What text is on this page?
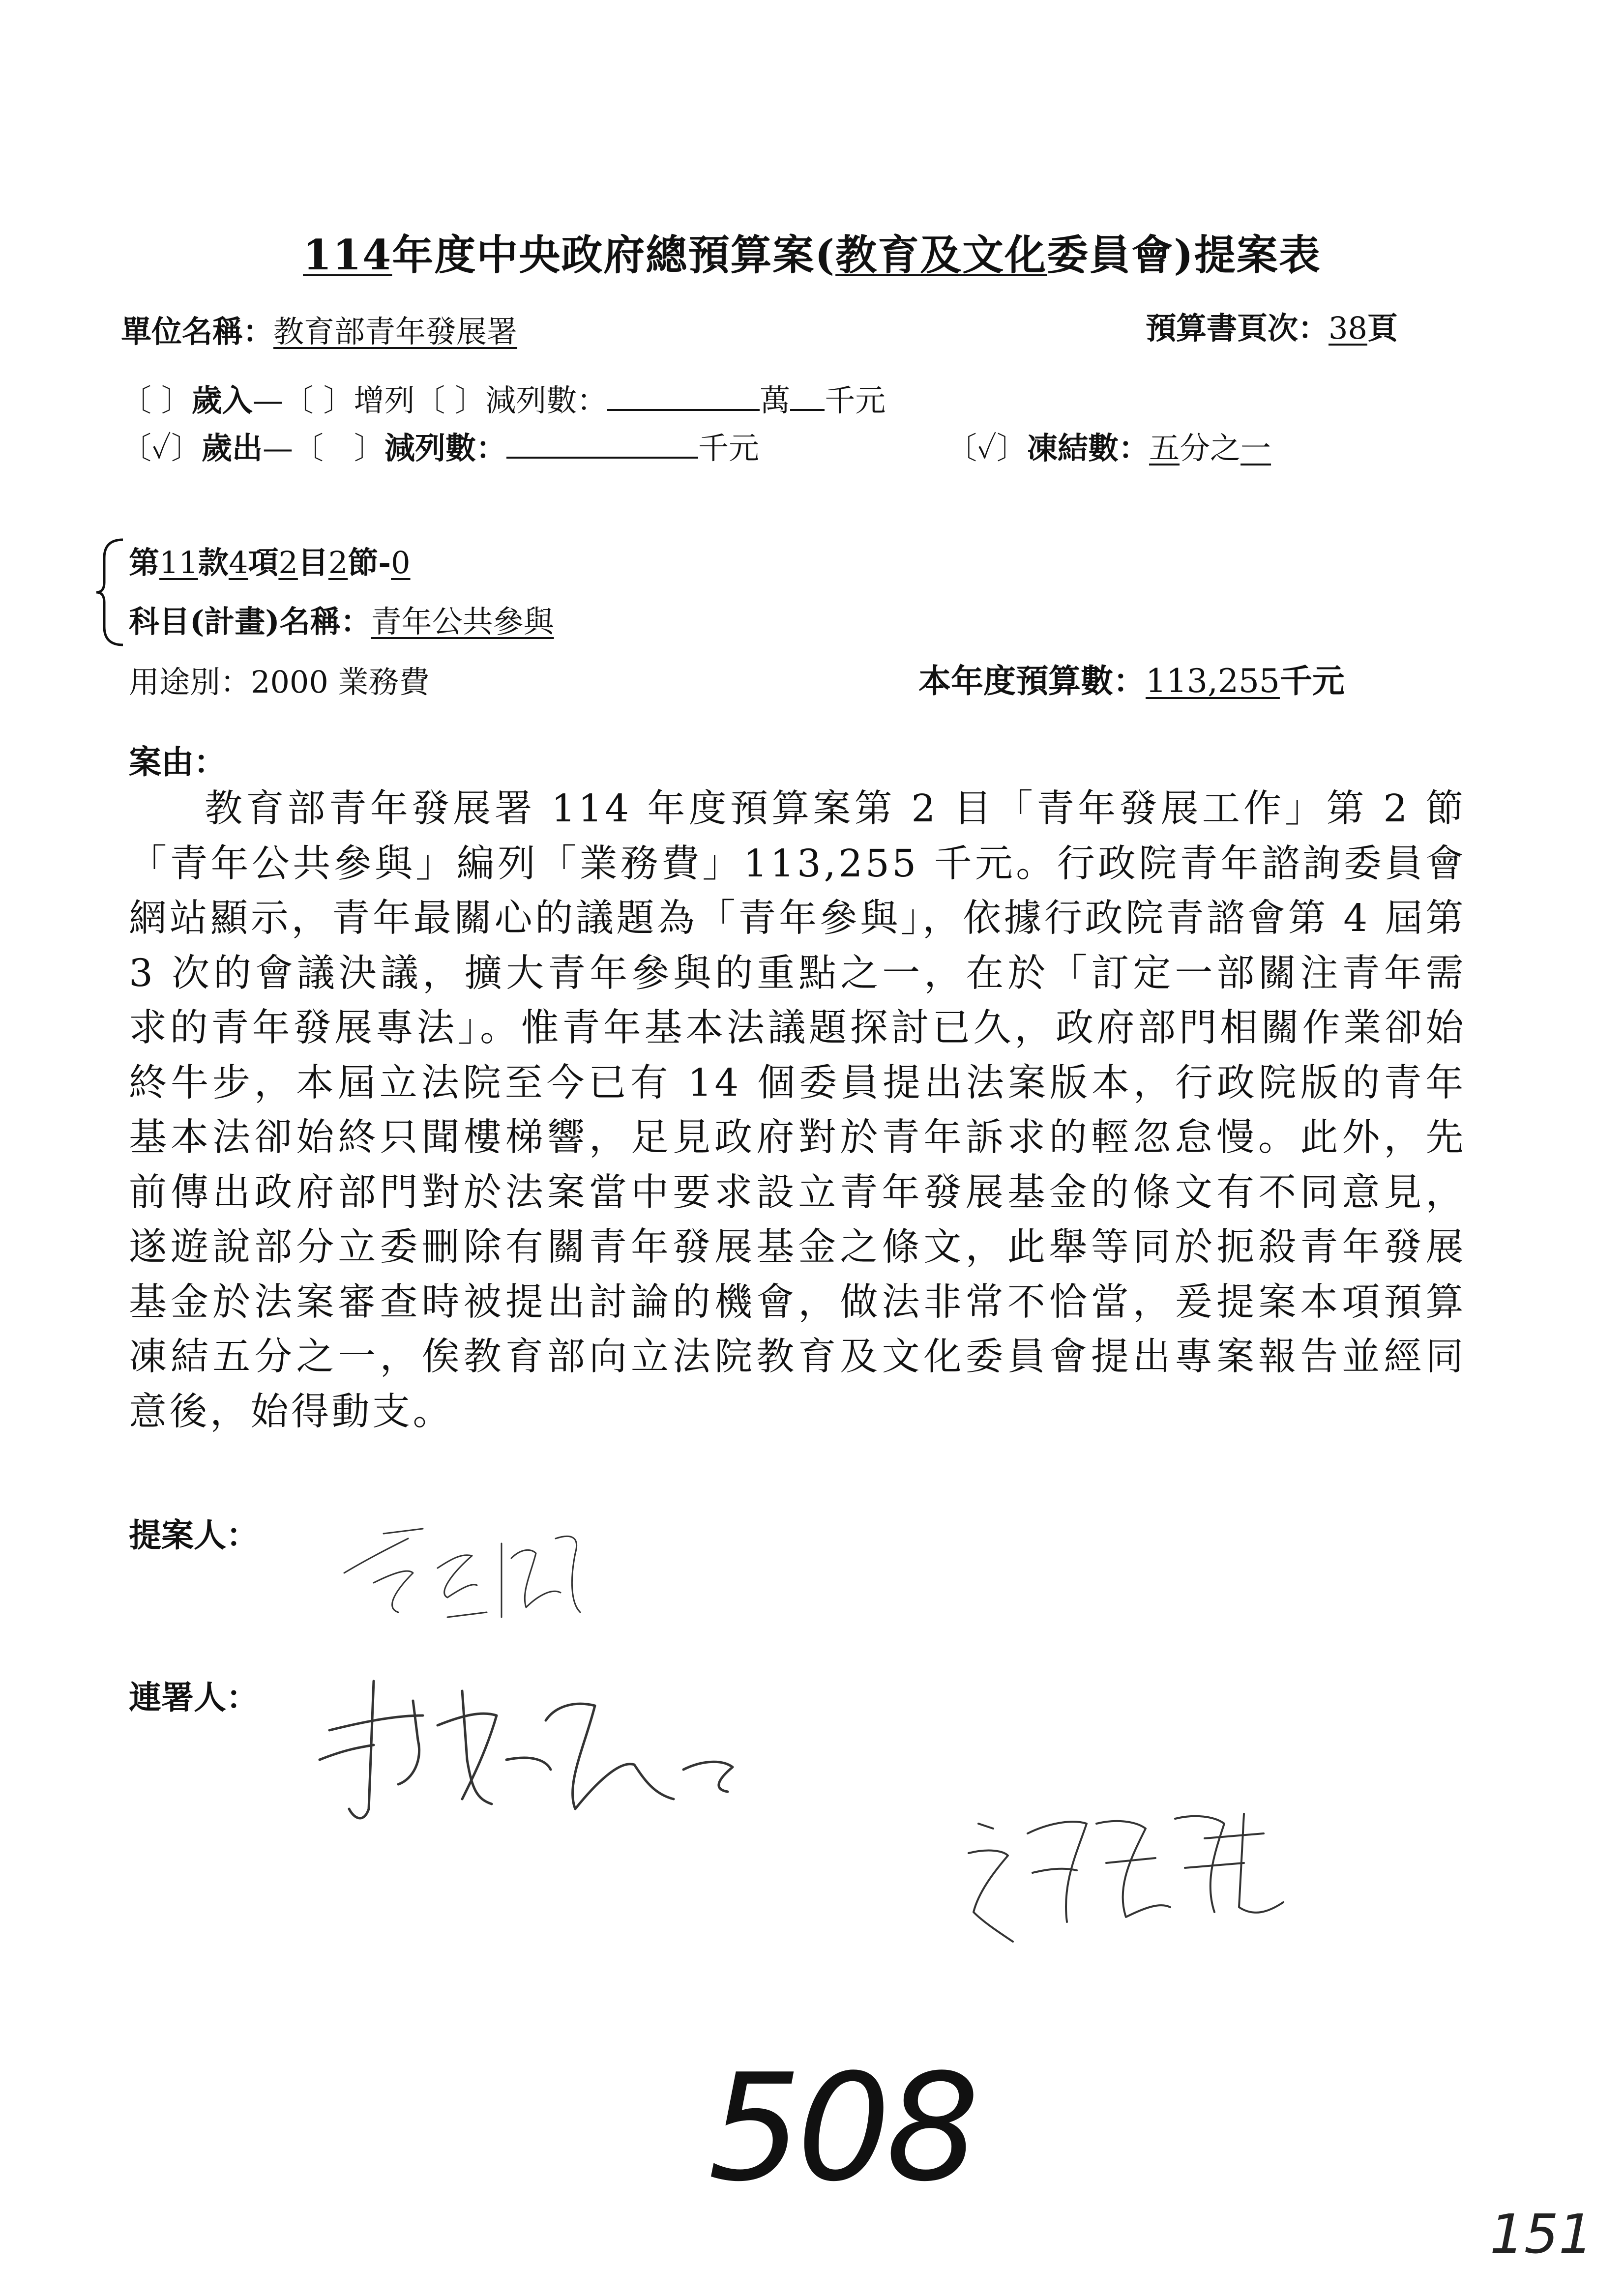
114年度中央政府總預算案(教育及文化委員會)提案表
單位名稱：教育部青年發展署	預算書頁次：38頁
〔 〕歲入—〔 〕增列〔 〕減列數：	萬 千元
〔✓〕歲出—〔　〕減列數：	千元	〔✓〕凍結數：五分之一
第11款4項2目2節-0
科目(計畫)名稱：青年公共參與
用途別：2000 業務費	本年度預算數：113,255千元
案由：
教育部青年發展署 114 年度預算案第 2 目「青年發展工作」第 2 節「青年公共參與」編列「業務費」113,255 千元。行政院青年諮詢委員會網站顯示，青年最關心的議題為「青年參與」，依據行政院青諮會第 4 屆第 3 次的會議決議，擴大青年參與的重點之一，在於「訂定一部關注青年需求的青年發展專法」。惟青年基本法議題探討已久，政府部門相關作業卻始終牛步，本屆立法院至今已有 14 個委員提出法案版本，行政院版的青年基本法卻始終只聞樓梯響，足見政府對於青年訴求的輕忽怠慢。此外，先前傳出政府部門對於法案當中要求設立青年發展基金的條文有不同意見，遂遊說部分立委刪除有關青年發展基金之條文，此舉等同於扼殺青年發展基金於法案審查時被提出討論的機會，做法非常不恰當，爰提案本項預算凍結五分之一，俟教育部向立法院教育及文化委員會提出專案報告並經同意後，始得動支。
提案人：
連署人：
508
151
